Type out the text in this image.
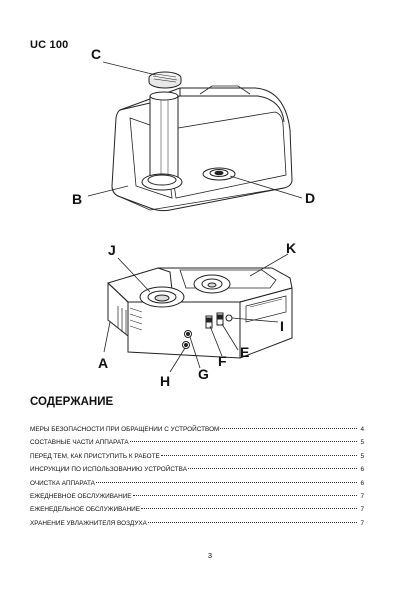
UC 100
C
B	D
J	K
A
I
E
F
G
H
СОДЕРЖАНИЕ
МЕРЫ БЕЗОПАСНОСТИ ПРИ ОБРАЩЕНИИ С УСТРОЙСТВОМ	4
СОСТАВНЫЕ ЧАСТИ АППАРАТА	5
ПЕРЕД ТЕМ, КАК ПРИСТУПИТЬ К РАБОТЕ	5
ИНСРУКЦИИ ПО ИСПОЛЬЗОВАНИЮ УСТРОЙСТВА	6
ОЧИСТКА АППАРАТА	6
ЕЖЕДНЕВНОЕ ОБСЛУЖИВАНИЕ	7
ЕЖЕНЕДЕЛЬНОЕ ОБСЛУЖИВАНИЕ	7
ХРАНЕНИЕ УВЛАЖНИТЕЛЯ ВОЗДУХА	7
3
